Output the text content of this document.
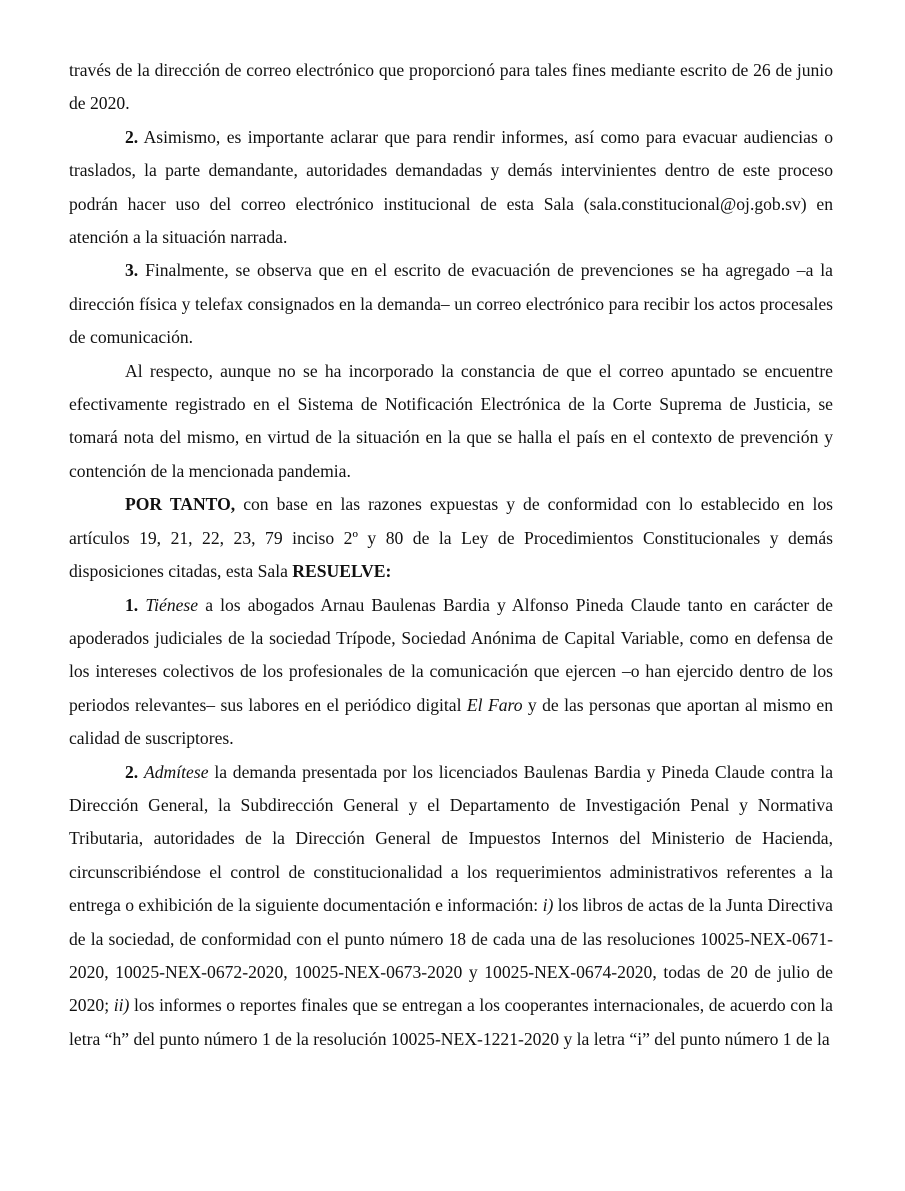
través de la dirección de correo electrónico que proporcionó para tales fines mediante escrito de 26 de junio de 2020.

2. Asimismo, es importante aclarar que para rendir informes, así como para evacuar audiencias o traslados, la parte demandante, autoridades demandadas y demás intervinientes dentro de este proceso podrán hacer uso del correo electrónico institucional de esta Sala (sala.constitucional@oj.gob.sv) en atención a la situación narrada.

3. Finalmente, se observa que en el escrito de evacuación de prevenciones se ha agregado –a la dirección física y telefax consignados en la demanda– un correo electrónico para recibir los actos procesales de comunicación.

Al respecto, aunque no se ha incorporado la constancia de que el correo apuntado se encuentre efectivamente registrado en el Sistema de Notificación Electrónica de la Corte Suprema de Justicia, se tomará nota del mismo, en virtud de la situación en la que se halla el país en el contexto de prevención y contención de la mencionada pandemia.

POR TANTO, con base en las razones expuestas y de conformidad con lo establecido en los artículos 19, 21, 22, 23, 79 inciso 2º y 80 de la Ley de Procedimientos Constitucionales y demás disposiciones citadas, esta Sala RESUELVE:

1. Tiénese a los abogados Arnau Baulenas Bardia y Alfonso Pineda Claude tanto en carácter de apoderados judiciales de la sociedad Trípode, Sociedad Anónima de Capital Variable, como en defensa de los intereses colectivos de los profesionales de la comunicación que ejercen –o han ejercido dentro de los periodos relevantes– sus labores en el periódico digital El Faro y de las personas que aportan al mismo en calidad de suscriptores.

2. Admítese la demanda presentada por los licenciados Baulenas Bardia y Pineda Claude contra la Dirección General, la Subdirección General y el Departamento de Investigación Penal y Normativa Tributaria, autoridades de la Dirección General de Impuestos Internos del Ministerio de Hacienda, circunscribiéndose el control de constitucionalidad a los requerimientos administrativos referentes a la entrega o exhibición de la siguiente documentación e información: i) los libros de actas de la Junta Directiva de la sociedad, de conformidad con el punto número 18 de cada una de las resoluciones 10025-NEX-0671-2020, 10025-NEX-0672-2020, 10025-NEX-0673-2020 y 10025-NEX-0674-2020, todas de 20 de julio de 2020; ii) los informes o reportes finales que se entregan a los cooperantes internacionales, de acuerdo con la letra “h” del punto número 1 de la resolución 10025-NEX-1221-2020 y la letra “i” del punto número 1 de la
